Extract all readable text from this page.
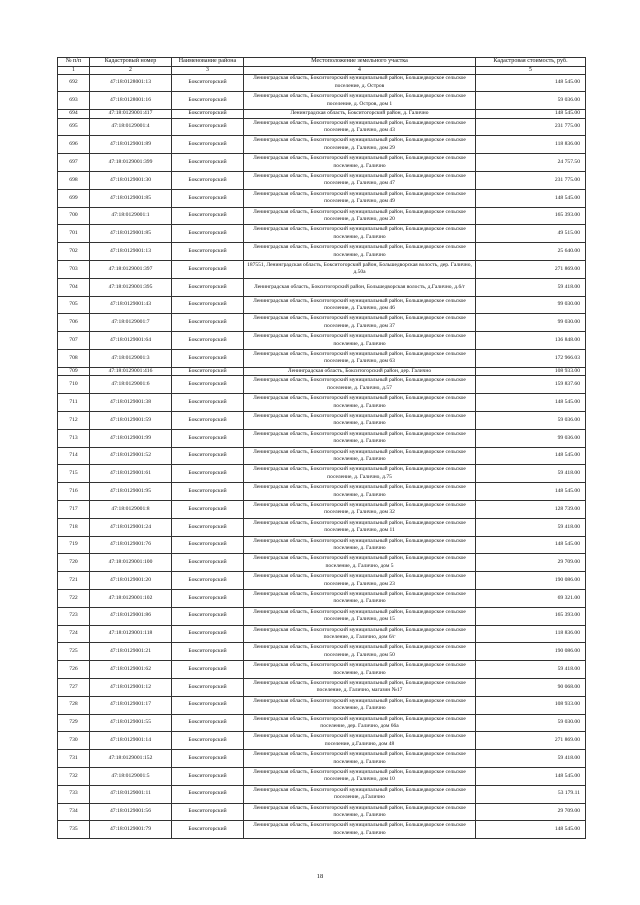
№ п/п	Кадастровый номер	Наименование района	Местоположение земельного участка	Кадастровая стоимость, руб.
1	2	3	4	5
692	47:18:0128001:13	Бокситогорский	Ленинградская область, Бокситогорский муниципальный район, Большедворское сельское поселение, д. Остров	148 545.00
693	47:18:0128001:16	Бокситогорский	Ленинградская область, Бокситогорский муниципальный район, Большедворское сельское поселение, д. Остров, дом 1	59 036.00
694	47:18:0129001:417	Бокситогорский	Ленинградская область, Бокситогорский район, д. Галично	148 545.00
695	47:18:0129001:4	Бокситогорский	Ленинградская область, Бокситогорский муниципальный район, Большедворское сельское поселение, д. Галично, дом 43	231 775.00
696	47:18:0129001:89	Бокситогорский	Ленинградская область, Бокситогорский муниципальный район, Большедворское сельское поселение, д. Галично, дом 29	118 836.00
697	47:18:0129001:399	Бокситогорский	Ленинградская область, Бокситогорский муниципальный район, Большедворское сельское поселение, д. Галично	24 757.50
698	47:18:0129001:30	Бокситогорский	Ленинградская область, Бокситогорский муниципальный район, Большедворское сельское поселение, д. Галично, дом 47	231 775.00
699	47:18:0129001:85	Бокситогорский	Ленинградская область, Бокситогорский муниципальный район, Большедворское сельское поселение, д. Галично, дом 49	148 545.00
700	47:18:0129001:1	Бокситогорский	Ленинградская область, Бокситогорский муниципальный район, Большедворское сельское поселение, д. Галично, дом 20	165 393.00
701	47:18:0129001:85	Бокситогорский	Ленинградская область, Бокситогорский муниципальный район, Большедворское сельское поселение, д. Галично	49 515.00
702	47:18:0129001:13	Бокситогорский	Ленинградская область, Бокситогорский муниципальный район, Большедворское сельское поселение, д. Галично	25 640.00
703	47:18:0129001:397	Бокситогорский	187551, Ленинградская область, Бокситогорский район, Большедворская волость, дер. Галично, д.50а	271 869.00
704	47:18:0129001:395	Бокситогорский	Ленинградская область, Бокситогорский район, Большедворская волость, д.Галично, д.6/г	59 418.00
705	47:18:0129001:43	Бокситогорский	Ленинградская область, Бокситогорский муниципальный район, Большедворское сельское поселение, д. Галично, дом 46	99 030.00
706	47:18:0129001:7	Бокситогорский	Ленинградская область, Бокситогорский муниципальный район, Большедворское сельское поселение, д. Галично, дом 37	99 030.00
707	47:18:0129001:64	Бокситогорский	Ленинградская область, Бокситогорский муниципальный район, Большедворское сельское поселение, д. Галично	136 848.00
708	47:18:0129001:3	Бокситогорский	Ленинградская область, Бокситогорский муниципальный район, Большедворское сельское поселение, д. Галично, дом 63	172 966.03
709	47:18:0129001:416	Бокситогорский	Ленинградская область, Бокситогорский район, дер. Галично	108 933.00
710	47:18:0129001:6	Бокситогорский	Ленинградская область, Бокситогорский муниципальный район, Большедворское сельское поселение, д. Галично, д.57	159 837.60
711	47:18:0129001:38	Бокситогорский	Ленинградская область, Бокситогорский муниципальный район, Большедворское сельское поселение, д. Галично	148 545.00
712	47:18:0129001:59	Бокситогорский	Ленинградская область, Бокситогорский муниципальный район, Большедворское сельское поселение, д. Галично	59 036.00
713	47:18:0129001:99	Бокситогорский	Ленинградская область, Бокситогорский муниципальный район, Большедворское сельское поселение, д. Галично	99 036.00
714	47:18:0129001:52	Бокситогорский	Ленинградская область, Бокситогорский муниципальный район, Большедворское сельское поселение, д. Галично	148 545.00
715	47:18:0129001:61	Бокситогорский	Ленинградская область, Бокситогорский муниципальный район, Большедворское сельское поселение, д. Галично, д.75	59 418.00
716	47:18:0129001:95	Бокситогорский	Ленинградская область, Бокситогорский муниципальный район, Большедворское сельское поселение, д. Галично	148 545.00
717	47:18:0129001:8	Бокситогорский	Ленинградская область, Бокситогорский муниципальный район, Большедворское сельское поселение, д. Галично, дом 32	128 739.00
718	47:18:0129001:24	Бокситогорский	Ленинградская область, Бокситогорский муниципальный район, Большедворское сельское поселение, д. Галично, дом 11	59 418.00
719	47:18:0129001:76	Бокситогорский	Ленинградская область, Бокситогорский муниципальный район, Большедворское сельское поселение, д. Галично	148 545.00
720	47:18:0129001:100	Бокситогорский	Ленинградская область, Бокситогорский муниципальный район, Большедворское сельское поселение, д. Галично, дом 5	29 709.00
721	47:18:0129001:20	Бокситогорский	Ленинградская область, Бокситогорский муниципальный район, Большедворское сельское поселение, д. Галично, дом 23	190 086.00
722	47:18:0129001:102	Бокситогорский	Ленинградская область, Бокситогорский муниципальный район, Большедворское сельское поселение, д. Галично	69 321.00
723	47:18:0129001:86	Бокситогорский	Ленинградская область, Бокситогорский муниципальный район, Большедворское сельское поселение, д. Галично, дом 15	165 393.00
724	47:18:0129001:118	Бокситогорский	Ленинградская область, Бокситогорский муниципальный район, Большедворское сельское поселение, д. Галично, дом 6/г	118 836.00
725	47:18:0129001:21	Бокситогорский	Ленинградская область, Бокситогорский муниципальный район, Большедворское сельское поселение, д. Галично, дом 50	190 086.00
726	47:18:0129001:62	Бокситогорский	Ленинградская область, Бокситогорский муниципальный район, Большедворское сельское поселение, д. Галично	59 418.00
727	47:18:0129001:12	Бокситогорский	Ленинградская область, Бокситогорский муниципальный район, Большедворское сельское поселение, д. Галично, магазин №17	90 068.00
728	47:18:0129001:17	Бокситогорский	Ленинградская область, Бокситогорский муниципальный район, Большедворское сельское поселение, д. Галично	108 933.00
729	47:18:0129001:55	Бокситогорский	Ленинградская область, Бокситогорский муниципальный район, Большедворское сельское поселение, дер. Галично, дом 66а	59 030.00
730	47:18:0129001:14	Бокситогорский	Ленинградская область, Бокситогорский муниципальный район, Большедворское сельское поселение, д.Галично, дом 48	271 869.00
731	47:18:0129001:152	Бокситогорский	Ленинградская область, Бокситогорский муниципальный район, Большедворское сельское поселение, д. Галично	59 418.00
732	47:18:0129001:5	Бокситогорский	Ленинградская область, Бокситогорский муниципальный район, Большедворское сельское поселение, д. Галично, дом 10	148 545.00
733	47:18:0129001:11	Бокситогорский	Ленинградская область, Бокситогорский муниципальный район, Большедворское сельское поселение, д.Галично	53 179.11
734	47:18:0129001:56	Бокситогорский	Ленинградская область, Бокситогорский муниципальный район, Большедворское сельское поселение, д. Галично	29 709.00
735	47:18:0129001:79	Бокситогорский	Ленинградская область, Бокситогорский муниципальный район, Большедворское сельское поселение, д. Галично	148 545.00
18
